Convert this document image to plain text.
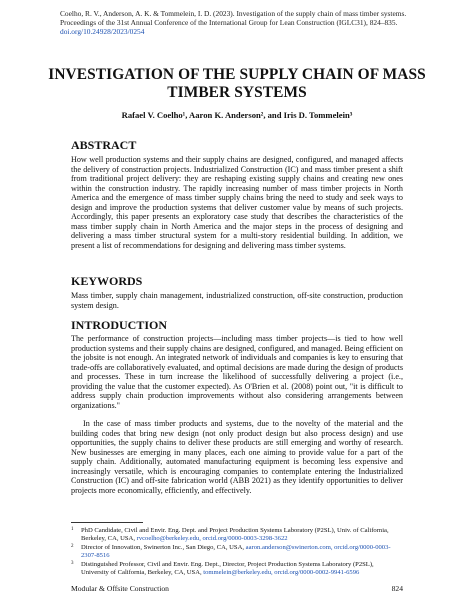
Coelho, R. V., Anderson, A. K. & Tommelein, I. D. (2023). Investigation of the supply chain of mass timber systems. Proceedings of the 31st Annual Conference of the International Group for Lean Construction (IGLC31), 824–835. doi.org/10.24928/2023/0254
INVESTIGATION OF THE SUPPLY CHAIN OF MASS TIMBER SYSTEMS
Rafael V. Coelho¹, Aaron K. Anderson², and Iris D. Tommelein³
ABSTRACT

How well production systems and their supply chains are designed, configured, and managed affects the delivery of construction projects. Industrialized Construction (IC) and mass timber present a shift from traditional project delivery: they are reshaping existing supply chains and creating new ones within the construction industry. The rapidly increasing number of mass timber projects in North America and the emergence of mass timber supply chains bring the need to study and seek ways to design and improve the production systems that deliver customer value by means of such projects. Accordingly, this paper presents an exploratory case study that describes the characteristics of the mass timber supply chain in North America and the major steps in the process of designing and delivering a mass timber structural system for a multi-story residential building. In addition, we present a list of recommendations for designing and delivering mass timber systems.

KEYWORDS

Mass timber, supply chain management, industrialized construction, off-site construction, production system design.

INTRODUCTION

The performance of construction projects—including mass timber projects—is tied to how well production systems and their supply chains are designed, configured, and managed. Being efficient on the jobsite is not enough. An integrated network of individuals and companies is key to ensuring that trade-offs are collaboratively evaluated, and optimal decisions are made during the design of products and processes. These in turn increase the likelihood of successfully delivering a project (i.e., providing the value that the customer expected). As O'Brien et al. (2008) point out, "it is difficult to address supply chain production improvements without also considering arrangements between organizations."

In the case of mass timber products and systems, due to the novelty of the material and the building codes that bring new design (not only product design but also process design) and use opportunities, the supply chains to deliver these products are still emerging and worthy of research. New businesses are emerging in many places, each one aiming to provide value for a part of the supply chain. Additionally, automated manufacturing equipment is becoming less expensive and increasingly versatile, which is encouraging companies to contemplate entering the Industrialized Construction (IC) and off-site fabrication world (ABB 2021) as they identify opportunities to deliver projects more economically, efficiently, and effectively.

1 PhD Candidate, Civil and Envir. Eng. Dept. and Project Production Systems Laboratory (P2SL), Univ. of California, Berkeley, CA, USA, rvcoelho@berkeley.edu, orcid.org/0000-0003-3298-3622
2 Director of Innovation, Swinerton Inc., San Diego, CA, USA, aaron.anderson@swinerton.com, orcid.org/0000-0003-2307-8516
3 Distinguished Professor, Civil and Envir. Eng. Dept., Director, Project Production Systems Laboratory (P2SL), University of California, Berkeley, CA, USA, tommelein@berkeley.edu, orcid.org/0000-0002-9941-6596
Modular & Offsite Construction	824
